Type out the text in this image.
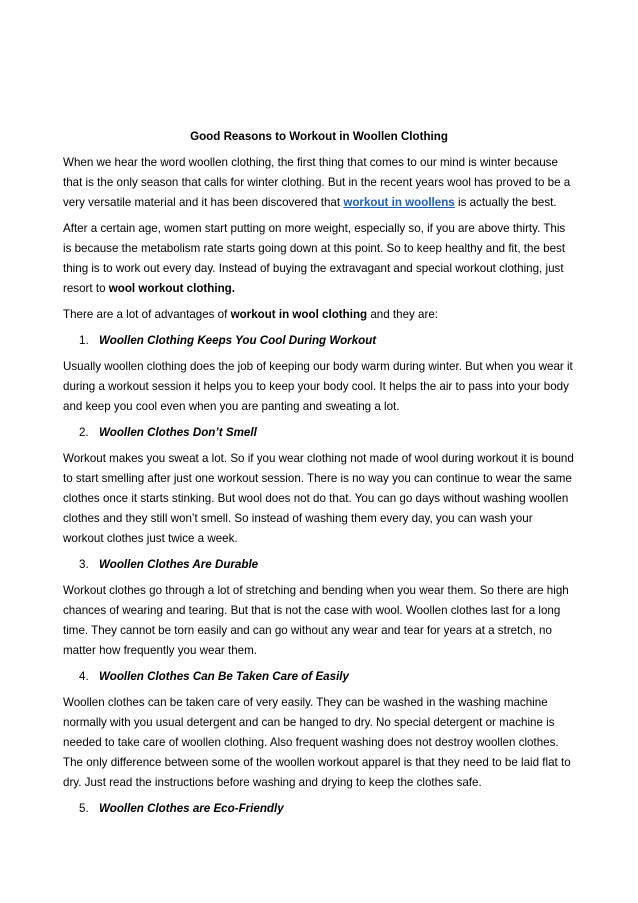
Good Reasons to Workout in Woollen Clothing

When we hear the word woollen clothing, the first thing that comes to our mind is winter because that is the only season that calls for winter clothing. But in the recent years wool has proved to be a very versatile material and it has been discovered that workout in woollens is actually the best.

After a certain age, women start putting on more weight, especially so, if you are above thirty. This is because the metabolism rate starts going down at this point. So to keep healthy and fit, the best thing is to work out every day. Instead of buying the extravagant and special workout clothing, just resort to wool workout clothing.

There are a lot of advantages of workout in wool clothing and they are:

1. Woollen Clothing Keeps You Cool During Workout

Usually woollen clothing does the job of keeping our body warm during winter. But when you wear it during a workout session it helps you to keep your body cool. It helps the air to pass into your body and keep you cool even when you are panting and sweating a lot.

2. Woollen Clothes Don’t Smell

Workout makes you sweat a lot. So if you wear clothing not made of wool during workout it is bound to start smelling after just one workout session. There is no way you can continue to wear the same clothes once it starts stinking. But wool does not do that. You can go days without washing woollen clothes and they still won’t smell. So instead of washing them every day, you can wash your workout clothes just twice a week.

3. Woollen Clothes Are Durable

Workout clothes go through a lot of stretching and bending when you wear them. So there are high chances of wearing and tearing. But that is not the case with wool. Woollen clothes last for a long time. They cannot be torn easily and can go without any wear and tear for years at a stretch, no matter how frequently you wear them.

4. Woollen Clothes Can Be Taken Care of Easily

Woollen clothes can be taken care of very easily. They can be washed in the washing machine normally with you usual detergent and can be hanged to dry. No special detergent or machine is needed to take care of woollen clothing. Also frequent washing does not destroy woollen clothes. The only difference between some of the woollen workout apparel is that they need to be laid flat to dry. Just read the instructions before washing and drying to keep the clothes safe.

5. Woollen Clothes are Eco-Friendly
